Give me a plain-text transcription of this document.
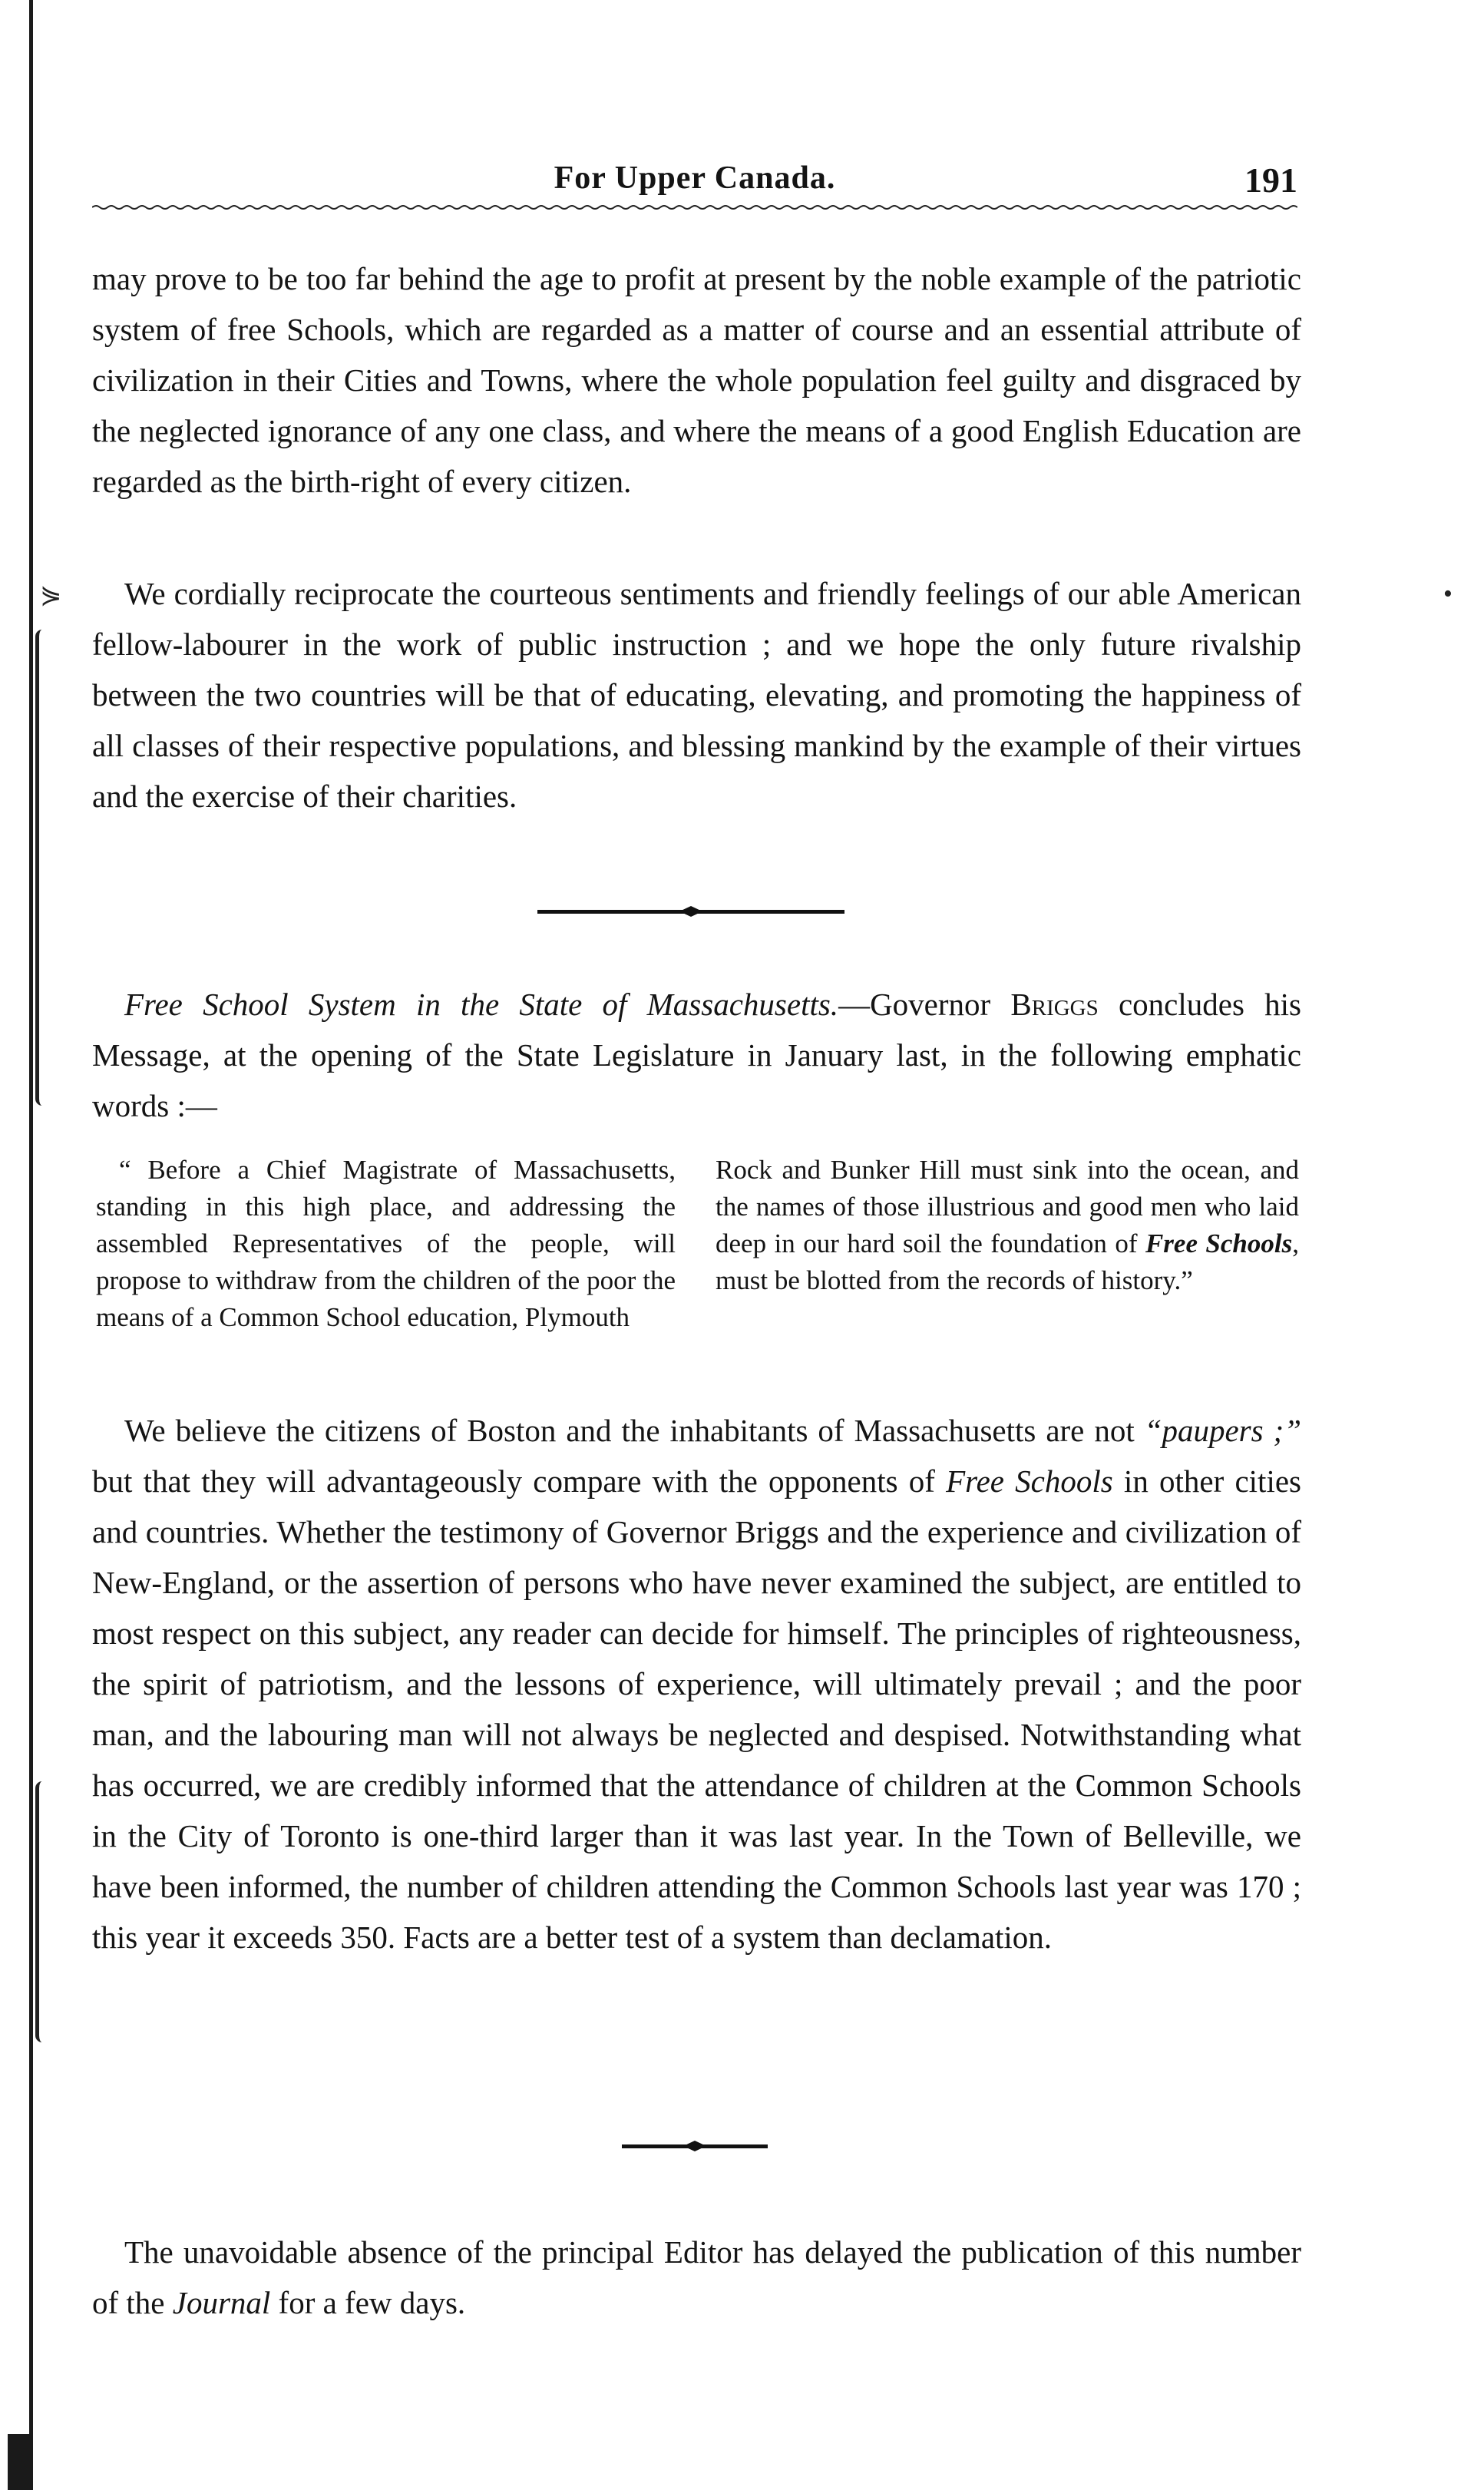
⋟	•
For Upper Canada.	191
may prove to be too far behind the age to profit at present by the noble example of the patriotic system of free Schools, which are regarded as a matter of course and an essential attribute of civilization in their Cities and Towns, where the whole population feel guilty and disgraced by the neglected ignorance of any one class, and where the means of a good English Education are regarded as the birth-right of every citizen.
We cordially reciprocate the courteous sentiments and friendly feelings of our able American fellow-labourer in the work of public instruction ; and we hope the only future rivalship between the two countries will be that of educating, elevating, and promoting the happiness of all classes of their respective populations, and blessing mankind by the example of their virtues and the exercise of their charities.
Free School System in the State of Massachusetts.—Governor Briggs concludes his Message, at the opening of the State Legislature in January last, in the following emphatic words :—
“ Before a Chief Magistrate of Massachusetts, standing in this high place, and addressing the assembled Representatives of the people, will propose to withdraw from the children of the poor the means of a Common School education, Plymouth
Rock and Bunker Hill must sink into the ocean, and the names of those illustrious and good men who laid deep in our hard soil the foundation of Free Schools, must be blotted from the records of history.”
We believe the citizens of Boston and the inhabitants of Massachusetts are not “paupers ;” but that they will advantageously compare with the opponents of Free Schools in other cities and countries. Whether the testimony of Governor Briggs and the experience and civilization of New-England, or the assertion of persons who have never examined the subject, are entitled to most respect on this subject, any reader can decide for himself. The principles of righteousness, the spirit of patriotism, and the lessons of experience, will ultimately prevail ; and the poor man, and the labouring man will not always be neglected and despised. Notwithstanding what has occurred, we are credibly informed that the attendance of children at the Common Schools in the City of Toronto is one-third larger than it was last year. In the Town of Belleville, we have been informed, the number of children attending the Common Schools last year was 170 ; this year it exceeds 350. Facts are a better test of a system than declamation.
The unavoidable absence of the principal Editor has delayed the publication of this number of the Journal for a few days.
